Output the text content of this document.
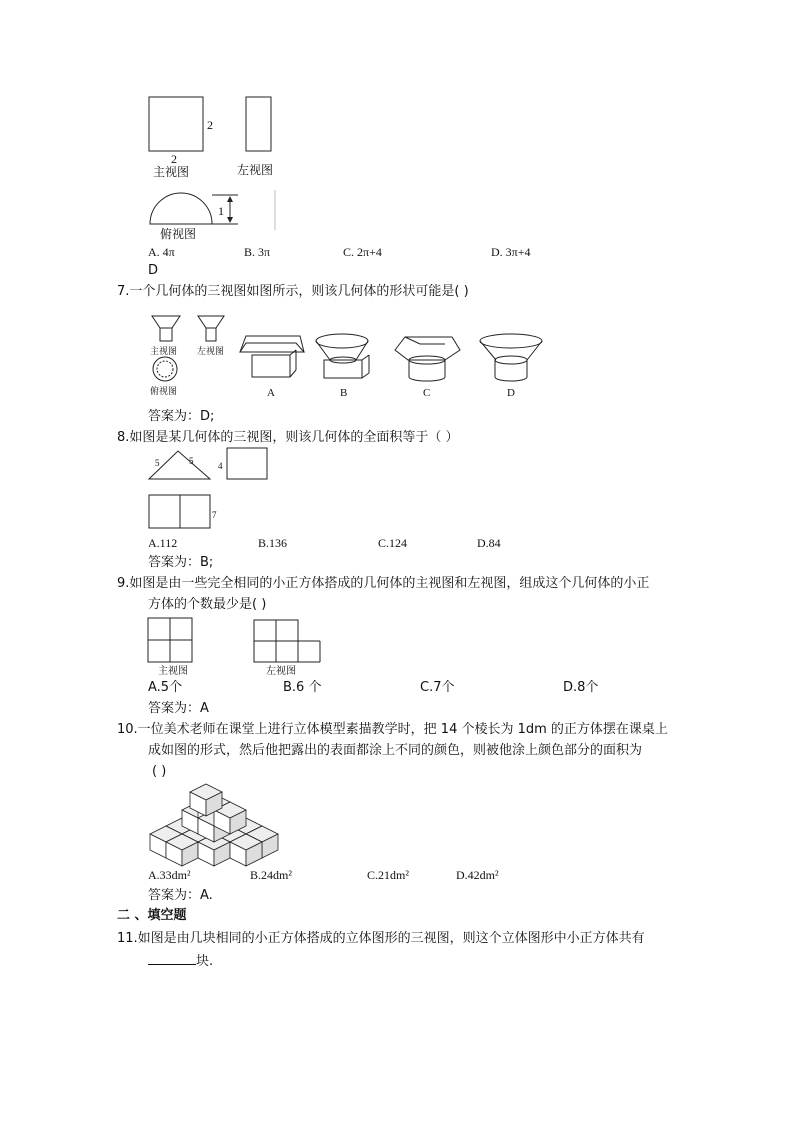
2
2
主视图	左视图
1
俯视图
A. 4π	B. 3π	C. 2π+4	D. 3π+4
D
7.一个几何体的三视图如图所示，则该几何体的形状可能是( )
主视图 左视图
俯视图	A	B	C	D
答案为：D;
8.如图是某几何体的三视图，则该几何体的全面积等于（ ）
5	5	4
7
A.112	B.136	C.124	D.84
答案为：B;
9.如图是由一些完全相同的小正方体搭成的几何体的主视图和左视图，组成这个几何体的小正
方体的个数最少是( )
主视图	左视图
A.5个	B.6 个	C.7个	D.8个
答案为：A
10.一位美术老师在课堂上进行立体模型素描教学时，把 14 个棱长为 1dm 的正方体摆在课桌上
成如图的形式，然后他把露出的表面都涂上不同的颜色，则被他涂上颜色部分的面积为
( )
A.33dm²	B.24dm²	C.21dm²	D.42dm²
答案为：A.
二 、填空题
11.如图是由几块相同的小正方体搭成的立体图形的三视图，则这个立体图形中小正方体共有
块.
